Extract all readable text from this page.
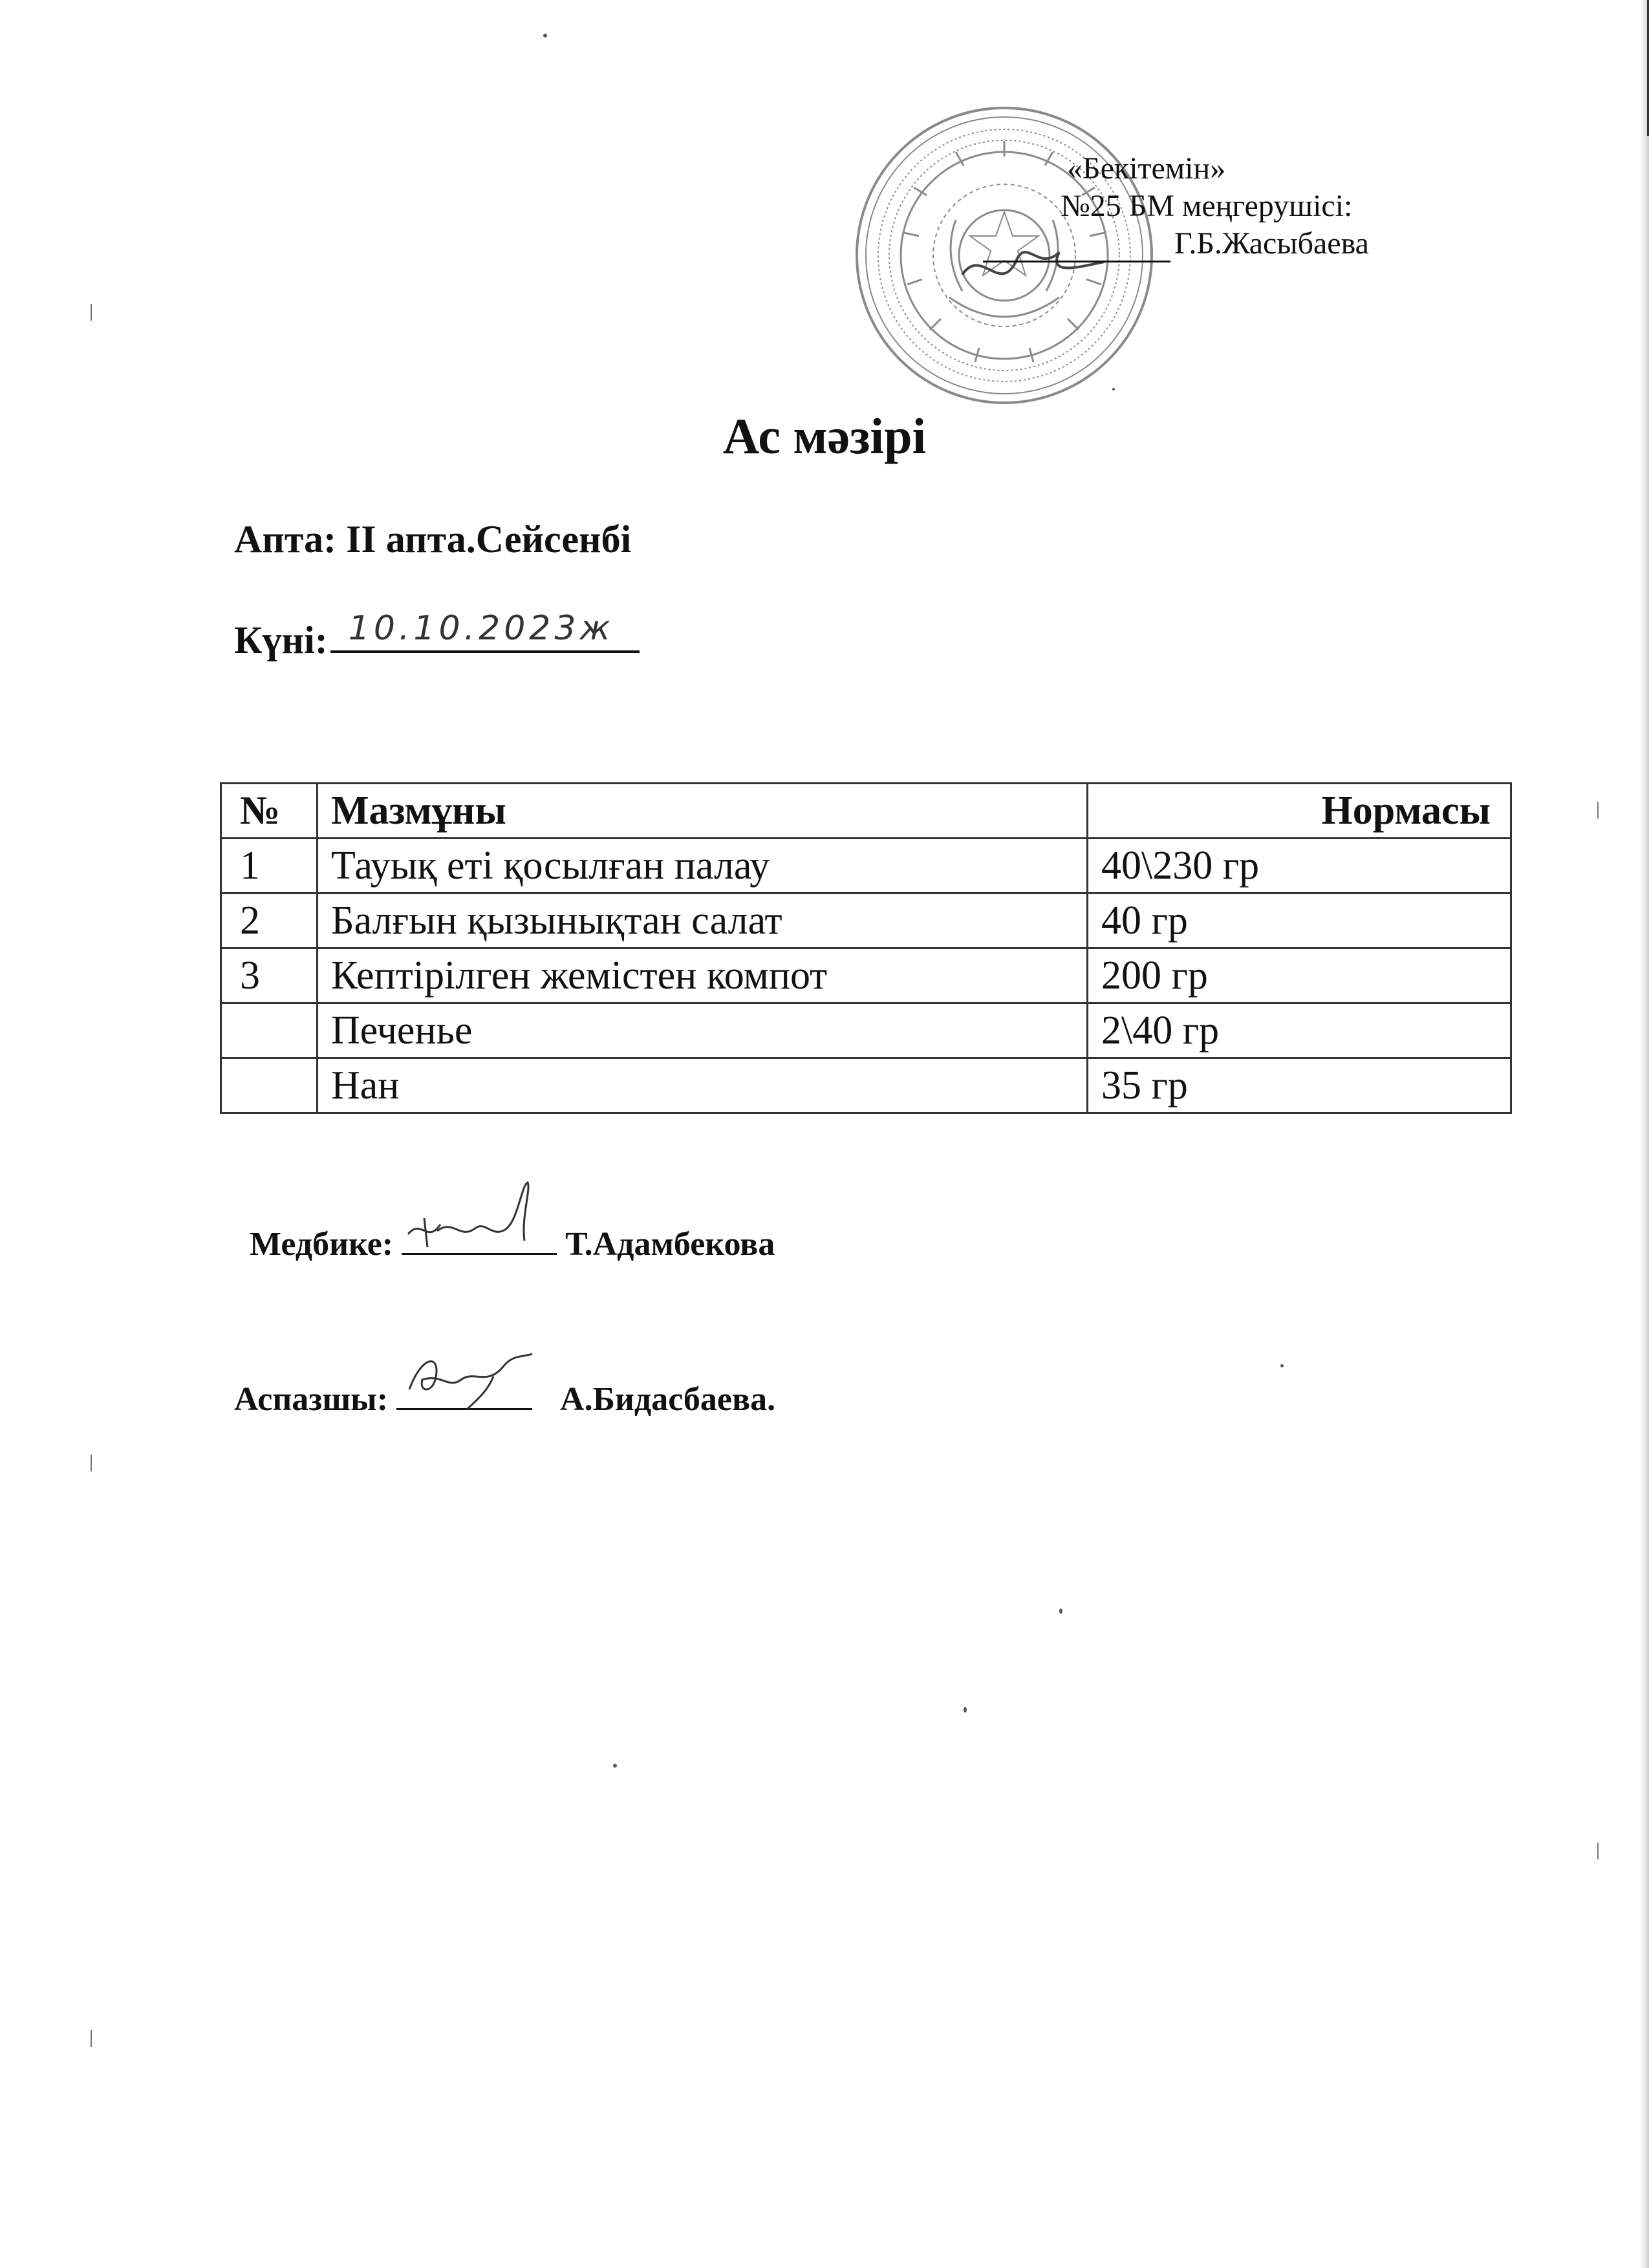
«Бекітемін»
№25 БМ меңгерушісі:
Г.Б.Жасыбаева
Ас мәзірі
Апта: ІІ апта.Сейсенбі
Күні: 10.10.2023ж
№	Мазмұны	Нормасы
1	Тауық еті қосылған палау	40\230 гр
2	Балғын қызынықтан салат	40 гр
3	Кептірілген жемістен компот	200 гр
	Печенье	2\40 гр
	Нан	35 гр
Медбике:	Т.Адамбекова
Аспазшы:	А.Бидасбаева.
